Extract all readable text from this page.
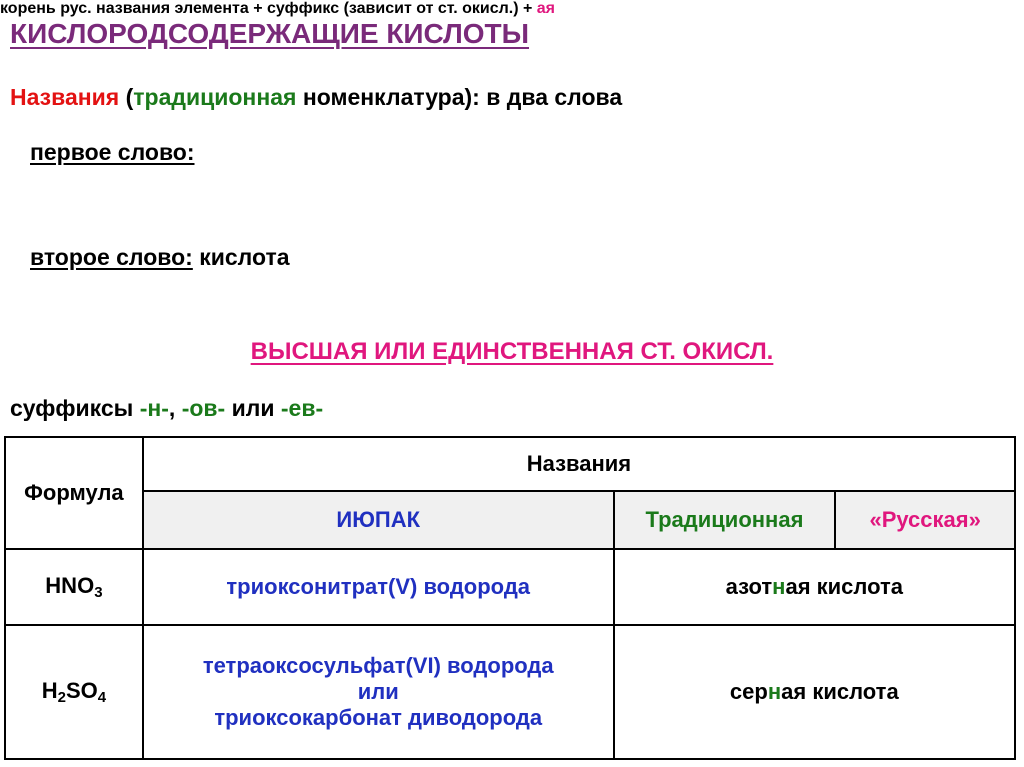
КИСЛОРОДСОДЕРЖАЩИЕ КИСЛОТЫ
Названия (традиционная номенклатура): в два слова
первое слово:
корень рус. названия элемента + суффикс (зависит от ст. окисл.) + ая
второе слово: кислота
ВЫСШАЯ ИЛИ ЕДИНСТВЕННАЯ СТ. ОКИСЛ.
суффиксы -н-, -ов- или -ев-
Формула	Названия		
	ИЮПАК	Традиционная	«Русская»
$HNO_3$	триоксонитрат(V) водорода	азотная кислота	
$H_2SO_4$	тетраоксосульфат(VI) водорода
или
триоксокарбонат диводорода	серная кислота	
